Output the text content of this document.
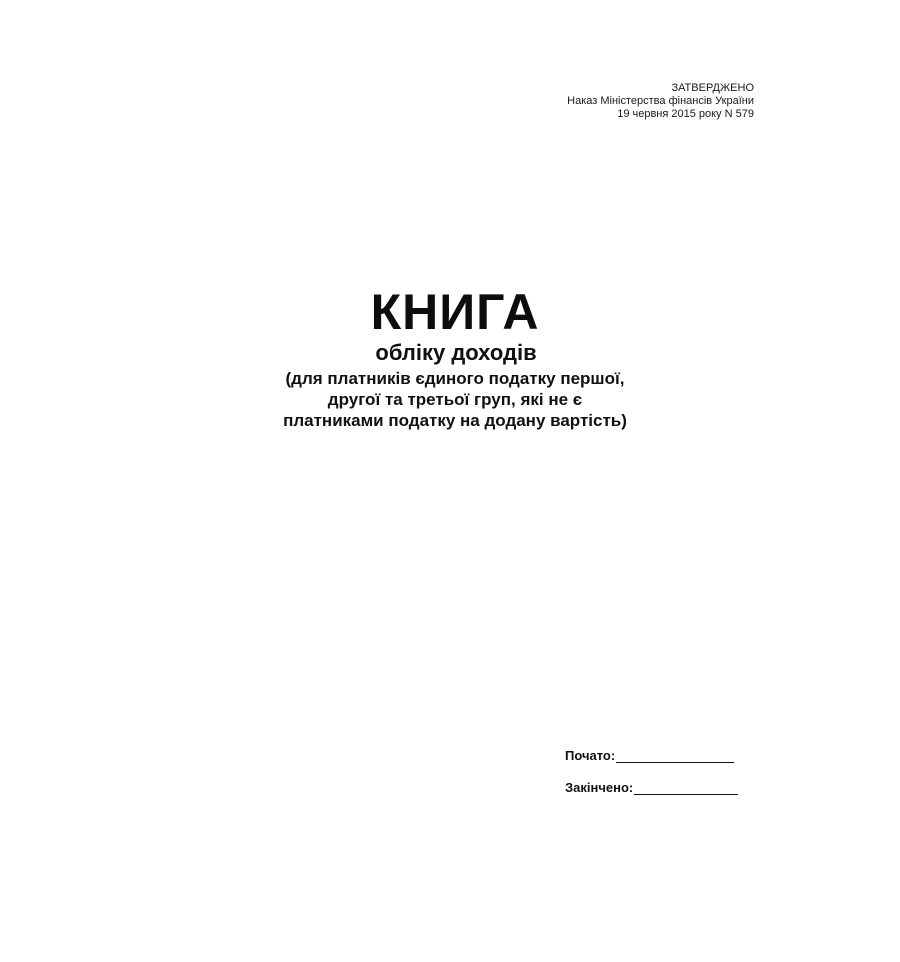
ЗАТВЕРДЖЕНО
Наказ Міністерства фінансів України
19 червня 2015 року N 579
КНИГА
обліку доходів
(для платників єдиного податку першої,
другої та третьої груп, які не є
платниками податку на додану вартість)
Почато:
Закінчено:
